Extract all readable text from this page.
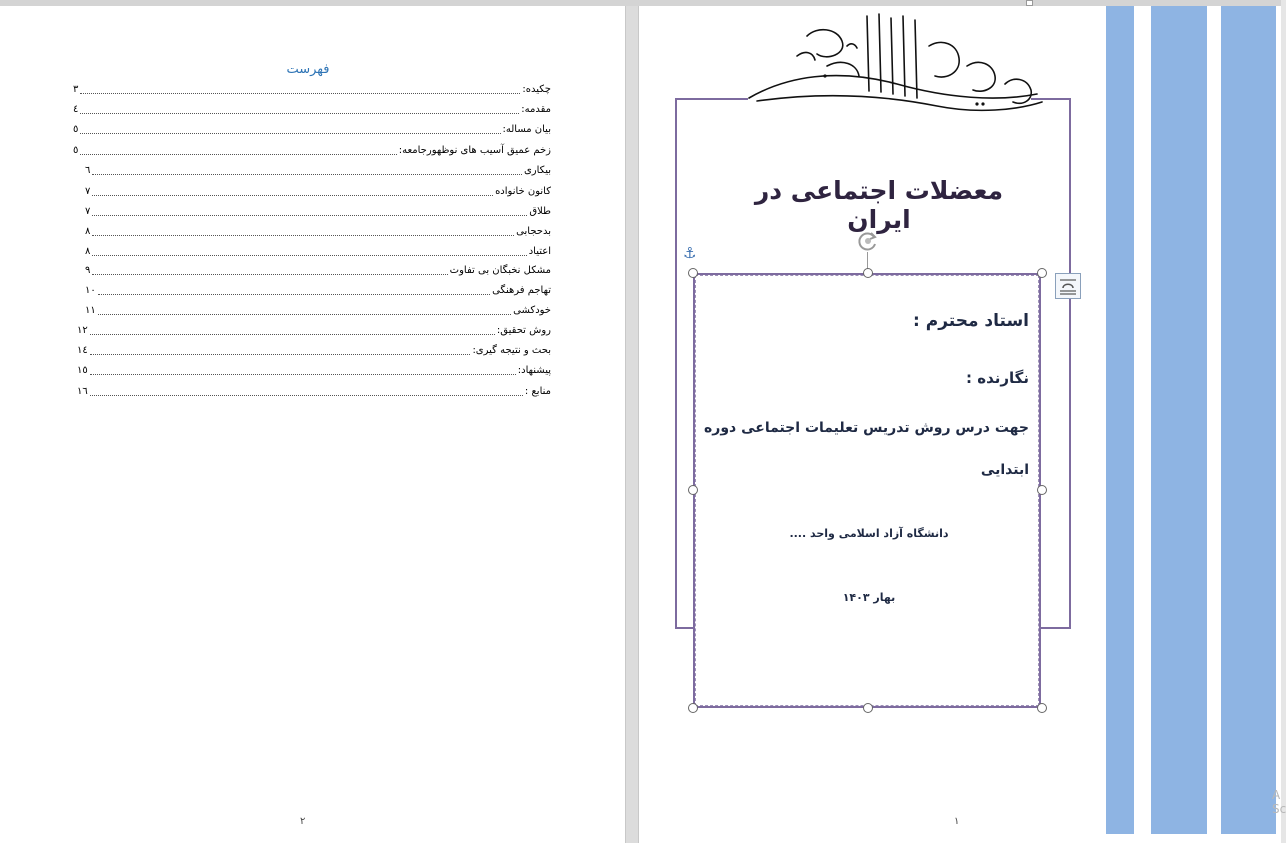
فهرست
۲
چکیده:
۳
مقدمه:
٤
بیان مساله:
٥
زخم عمیق آسیب های نوظهورجامعه:
٥
بیکاری
٦
کانون خانواده
٧
طلاق
٧
بدحجابی
٨
اعتیاد
٨
مشکل نخبگان بی تفاوت
٩
تهاجم فرهنگی
١٠
خودکشی
١١
روش تحقیق:
١٢
بحث و نتیجه گیری:
١٤
پیشنهاد:
١٥
منابع :
١٦
معضلات اجتماعی در ایران
⚓
استاد محترم :
نگارنده :
جهت درس روش تدریس تعلیمات اجتماعی دوره
ابتدایی
دانشگاه آزاد اسلامی واحد ....
بهار ۱۴۰۳
۱
A
Sc
